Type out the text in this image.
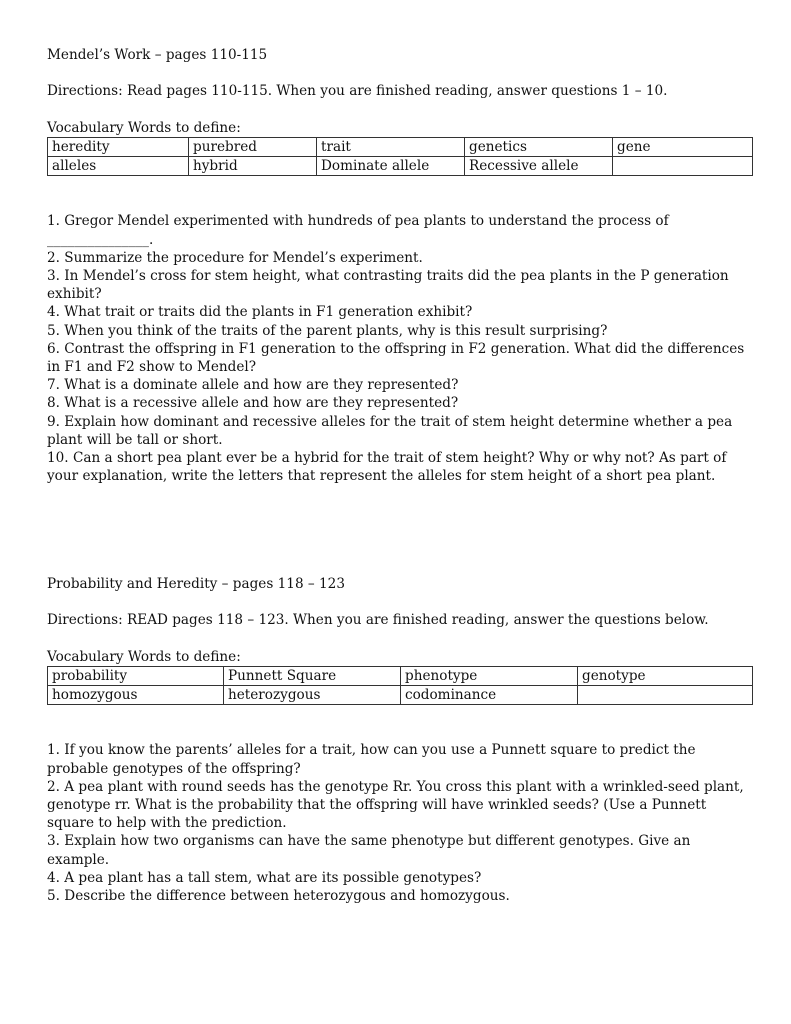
Mendel’s Work – pages 110-115

Directions: Read pages 110-115. When you are finished reading, answer questions 1 – 10.

Vocabulary Words to define:

heredity	purebred	trait	genetics	gene
alleles	hybrid	Dominate allele	Recessive allele	

1. Gregor Mendel experimented with hundreds of pea plants to understand the process of _______________.

2. Summarize the procedure for Mendel’s experiment.

3. In Mendel’s cross for stem height, what contrasting traits did the pea plants in the P generation exhibit?

4. What trait or traits did the plants in F1 generation exhibit?

5. When you think of the traits of the parent plants, why is this result surprising?

6. Contrast the offspring in F1 generation to the offspring in F2 generation. What did the differences in F1 and F2 show to Mendel?

7. What is a dominate allele and how are they represented?

8. What is a recessive allele and how are they represented?

9. Explain how dominant and recessive alleles for the trait of stem height determine whether a pea plant will be tall or short.

10. Can a short pea plant ever be a hybrid for the trait of stem height? Why or why not? As part of your explanation, write the letters that represent the alleles for stem height of a short pea plant.

Probability and Heredity – pages 118 – 123

Directions: READ pages 118 – 123. When you are finished reading, answer the questions below.

Vocabulary Words to define:

probability	Punnett Square	phenotype	genotype
homozygous	heterozygous	codominance	

1. If you know the parents’ alleles for a trait, how can you use a Punnett square to predict the probable genotypes of the offspring?

2. A pea plant with round seeds has the genotype Rr. You cross this plant with a wrinkled-seed plant, genotype rr. What is the probability that the offspring will have wrinkled seeds? (Use a Punnett square to help with the prediction.

3. Explain how two organisms can have the same phenotype but different genotypes. Give an example.

4. A pea plant has a tall stem, what are its possible genotypes?

5. Describe the difference between heterozygous and homozygous.
